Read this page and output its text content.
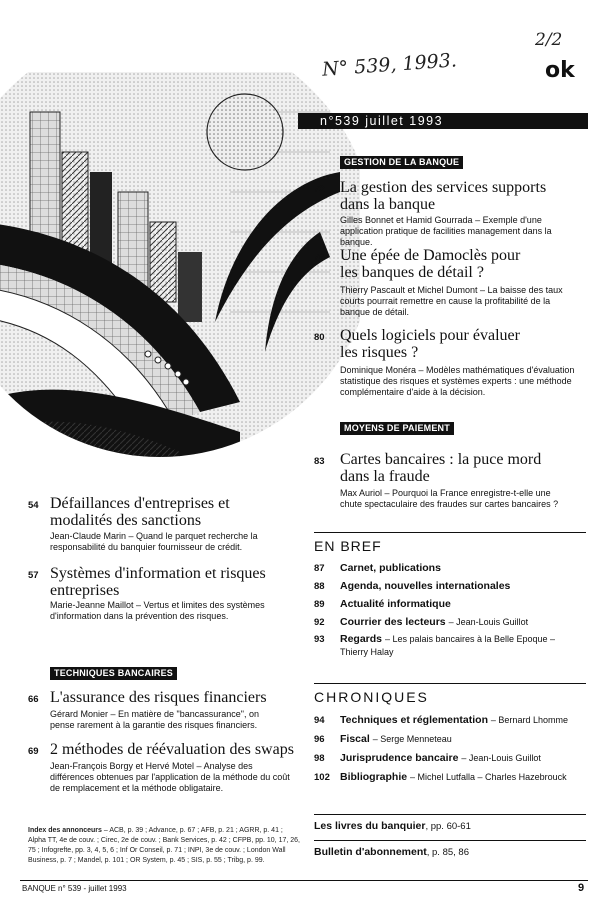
N° 539, 1993.
2/2
ok
n°539 juillet 1993
GESTION DE LA BANQUE
72 La gestion des services supports dans la banque
Gilles Bonnet et Hamid Gourrada – Exemple d'une application pratique de facilities management dans la banque.
76 Une épée de Damoclès pour les banques de détail ?
Thierry Pascault et Michel Dumont – La baisse des taux courts pourrait remettre en cause la profitabilité de la banque de détail.
80 Quels logiciels pour évaluer les risques ?
Dominique Monéra – Modèles mathématiques d'évaluation statistique des risques et systèmes experts : une méthode complémentaire d'aide à la décision.
MOYENS DE PAIEMENT
83 Cartes bancaires : la puce mord dans la fraude
Max Auriol – Pourquoi la France enregistre-t-elle une chute spectaculaire des fraudes sur cartes bancaires ?
54 Défaillances d'entreprises et modalités des sanctions
Jean-Claude Marin – Quand le parquet recherche la responsabilité du banquier fournisseur de crédit.
57 Systèmes d'information et risques entreprises
Marie-Jeanne Maillot – Vertus et limites des systèmes d'information dans la prévention des risques.
TECHNIQUES BANCAIRES
66 L'assurance des risques financiers
Gérard Monier – En matière de "bancassurance", on pense rarement à la garantie des risques financiers.
69 2 méthodes de réévaluation des swaps
Jean-François Borgy et Hervé Motel – Analyse des différences obtenues par l'application de la méthode du coût de remplacement et la méthode obligataire.
Index des annonceurs – ACB, p. 39 ; Advance, p. 67 ; AFB, p. 21 ; AGRR, p. 41 ; Alpha TT, 4e de couv. ; Cirec, 2e de couv. ; Bank Services, p. 42 ; CFPB, pp. 10, 17, 26, 75 ; Infogrefte, pp. 3, 4, 5, 6 ; Inf Or Conseil, p. 71 ; INPI, 3e de couv. ; London Wall Business, p. 7 ; Mandel, p. 101 ; OR System, p. 45 ; SIS, p. 55 ; Tribg, p. 99.
EN BREF
87 Carnet, publications
88 Agenda, nouvelles internationales
89 Actualité informatique
92 Courrier des lecteurs – Jean-Louis Guillot
93 Regards – Les palais bancaires à la Belle Epoque – Thierry Halay
CHRONIQUES
94 Techniques et réglementation – Bernard Lhomme
96 Fiscal – Serge Menneteau
98 Jurisprudence bancaire – Jean-Louis Guillot
102 Bibliographie – Michel Lutfalla – Charles Hazebrouck
Les livres du banquier, pp. 60-61
Bulletin d'abonnement, p. 85, 86
BANQUE n° 539 - juillet 1993	9
